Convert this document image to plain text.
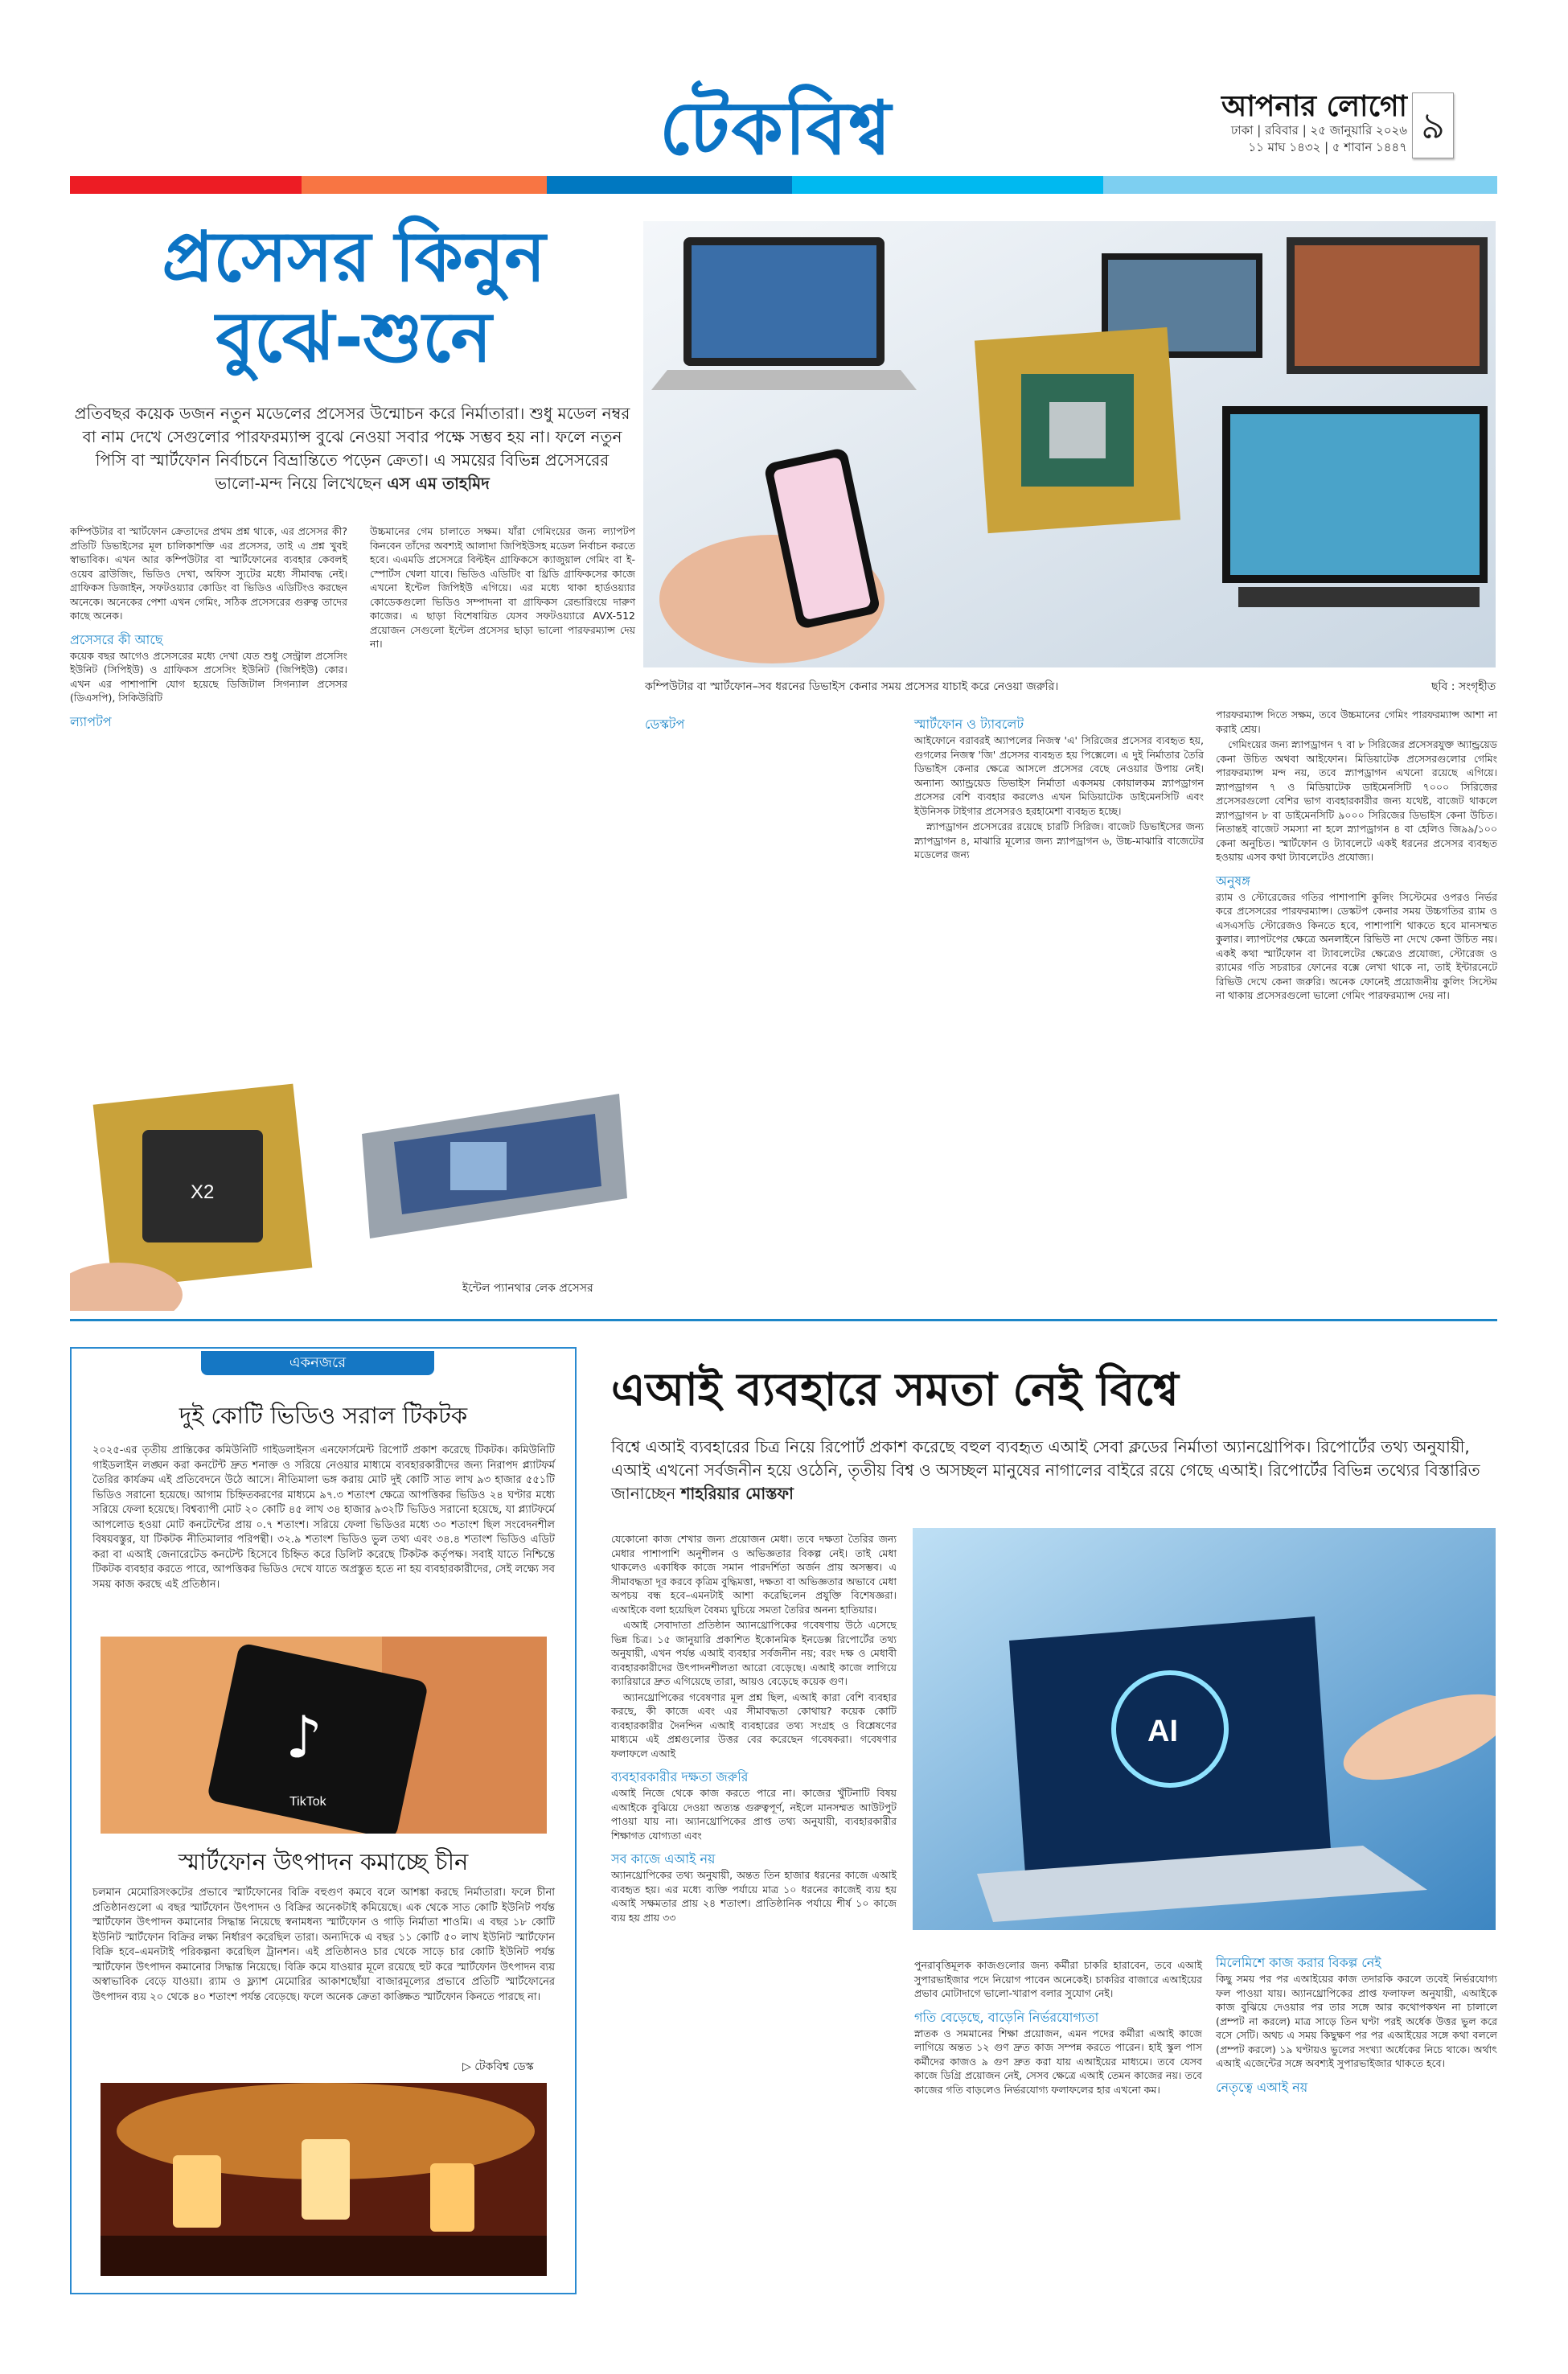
টেকবিশ্ব	আপনার লোগো
ঢাকা | রবিবার | ২৫ জানুয়ারি ২০২৬
১১ মাঘ ১৪৩২ | ৫ শাবান ১৪৪৭ ৯
প্রসেসর কিনুন
বুঝে-শুনে
প্রতিবছর কয়েক ডজন নতুন মডেলের প্রসেসর উন্মোচন করে নির্মাতারা। শুধু মডেল নম্বর বা নাম দেখে সেগুলোর পারফরম্যান্স বুঝে নেওয়া সবার পক্ষে সম্ভব হয় না। ফলে নতুন পিসি বা স্মার্টফোন নির্বাচনে বিভ্রান্তিতে পড়েন ক্রেতা। এ সময়ের বিভিন্ন প্রসেসরের ভালো-মন্দ নিয়ে লিখেছেন এস এম তাহমিদ

কম্পিউটার বা স্মার্টফোন ক্রেতাদের প্রথম প্রশ্ন থাকে, এর প্রসেসর কী? প্রতিটি ডিভাইসের মূল চালিকাশক্তি এর প্রসেসর, তাই এ প্রশ্ন খুবই স্বাভাবিক। এখন আর কম্পিউটার বা স্মার্টফোনের ব্যবহার কেবলই ওয়েব ব্রাউজিং, ভিডিও দেখা, অফিস স্যুটের মধ্যে সীমাবদ্ধ নেই। গ্রাফিকস ডিজাইন, সফটওয়্যার কোডিং বা ভিডিও এডিটিংও করছেন অনেকে। অনেকের পেশা এখন গেমিং, সঠিক প্রসেসরের গুরুত্ব তাদের কাছে অনেক।

প্রসেসরে কী আছে

কয়েক বছর আগেও প্রসেসরের মধ্যে দেখা যেত শুধু সেন্ট্রাল প্রসেসিং ইউনিট (সিপিইউ) ও গ্রাফিকস প্রসেসিং ইউনিট (জিপিইউ) কোর। এখন এর পাশাপাশি যোগ হয়েছে ডিজিটাল সিগন্যাল প্রসেসর (ডিএসপি), সিকিউরিটি

ল্যাপটপ
কম্পিউটার বা স্মার্টফোন–সব ধরনের ডিভাইস কেনার সময় প্রসেসর যাচাই করে নেওয়া জরুরি।	ছবি : সংগৃহীত

উচ্চমানের গেম চালাতে সক্ষম। যাঁরা গেমিংয়ের জন্য ল্যাপটপ কিনবেন তাঁদের অবশ্যই আলাদা জিপিইউসহ মডেল নির্বাচন করতে হবে। এএমডি প্রসেসরে বিল্টইন গ্রাফিকসে ক্যাজুয়াল গেমিং বা ই-স্পোর্টস খেলা যাবে। ভিডিও এডিটিং বা থ্রিডি গ্রাফিকসের কাজে এখনো ইন্টেল জিপিইউ এগিয়ে। এর মধ্যে থাকা হার্ডওয়্যার কোডেকগুলো ভিডিও সম্পাদনা বা গ্রাফিকস রেন্ডারিংয়ে দারুণ কাজের। এ ছাড়া বিশেষায়িত যেসব সফটওয়্যারে AVX-512 প্রয়োজন সেগুলো ইন্টেল প্রসেসর ছাড়া ভালো পারফরম্যান্স দেয় না।

ডেস্কটপ	স্মার্টফোন ও ট্যাবলেট

আইফোনে বরাবরই অ্যাপলের নিজস্ব 'এ' সিরিজের প্রসেসর ব্যবহৃত হয়, গুগলের নিজস্ব 'জি' প্রসেসর ব্যবহৃত হয় পিক্সেলে। এ দুই নির্মাতার তৈরি ডিভাইস কেনার ক্ষেত্রে আসলে প্রসেসর বেছে নেওয়ার উপায় নেই। অন্যান্য অ্যান্ড্রয়েড ডিভাইস নির্মাতা একসময় কোয়ালকম স্ন্যাপড্রাগন প্রসেসর বেশি ব্যবহার করলেও এখন মিডিয়াটেক ডাইমেনসিটি এবং ইউনিসক টাইগার প্রসেসরও হরহামেশা ব্যবহৃত হচ্ছে।

স্ন্যাপড্রাগন প্রসেসরের রয়েছে চারটি সিরিজ। বাজেট ডিভাইসের জন্য স্ন্যাপড্রাগন ৪, মাঝারি মূল্যের জন্য স্ন্যাপড্রাগন ৬, উচ্চ-মাঝারি বাজেটের মডেলের জন্য

পারফরম্যান্স দিতে সক্ষম, তবে উচ্চমানের গেমিং পারফরম্যান্স আশা না করাই শ্রেয়।

গেমিংয়ের জন্য স্ন্যাপড্রাগন ৭ বা ৮ সিরিজের প্রসেসরযুক্ত অ্যান্ড্রয়েড কেনা উচিত অথবা আইফোন। মিডিয়াটেক প্রসেসরগুলোর গেমিং পারফরম্যান্স মন্দ নয়, তবে স্ন্যাপড্রাগন এখনো রয়েছে এগিয়ে। স্ন্যাপড্রাগন ৭ ও মিডিয়াটেক ডাইমেনসিটি ৭০০০ সিরিজের প্রসেসরগুলো বেশির ভাগ ব্যবহারকারীর জন্য যথেষ্ট, বাজেট থাকলে স্ন্যাপড্রাগন ৮ বা ডাইমেনসিটি ৯০০০ সিরিজের ডিভাইস কেনা উচিত। নিতান্তই বাজেট সমস্যা না হলে স্ন্যাপড্রাগন ৪ বা হেলিও জি৯৯/১০০ কেনা অনুচিত। স্মার্টফোন ও ট্যাবলেটে একই ধরনের প্রসেসর ব্যবহৃত হওয়ায় এসব কথা ট্যাবলেটেও প্রযোজ্য।

অনুষঙ্গ

র‍্যাম ও স্টোরেজের গতির পাশাপাশি কুলিং সিস্টেমের ওপরও নির্ভর করে প্রসেসরের পারফরম্যান্স। ডেস্কটপ কেনার সময় উচ্চগতির র‍্যাম ও এসএসডি স্টোরেজও কিনতে হবে, পাশাপাশি থাকতে হবে মানসম্মত কুলার। ল্যাপটপের ক্ষেত্রে অনলাইনে রিভিউ না দেখে কেনা উচিত নয়। একই কথা স্মার্টফোন বা ট্যাবলেটের ক্ষেত্রেও প্রযোজ্য, স্টোরেজ ও র‍্যামের গতি সচরাচর ফোনের বক্সে লেখা থাকে না, তাই ইন্টারনেটে রিভিউ দেখে কেনা জরুরি। অনেক ফোনেই প্রয়োজনীয় কুলিং সিস্টেম না থাকায় প্রসেসরগুলো ভালো গেমিং পারফরম্যান্স দেয় না।

X2
ইন্টেল প্যানথার লেক প্রসেসর
একনজরে
দুই কোটি ভিডিও সরাল টিকটক
২০২৫-এর তৃতীয় প্রান্তিকের কমিউনিটি গাইডলাইনস এনফোর্সমেন্ট রিপোর্ট প্রকাশ করেছে টিকটক। কমিউনিটি গাইডলাইন লঙ্ঘন করা কনটেন্ট দ্রুত শনাক্ত ও সরিয়ে নেওয়ার মাধ্যমে ব্যবহারকারীদের জন্য নিরাপদ প্ল্যাটফর্ম তৈরির কার্যক্রম এই প্রতিবেদনে উঠে আসে। নীতিমালা ভঙ্গ করায় মোট দুই কোটি সাত লাখ ৯৩ হাজার ৫৫১টি ভিডিও সরানো হয়েছে। আগাম চিহ্নিতকরণের মাধ্যমে ৯৭.৩ শতাংশ ক্ষেত্রে আপত্তিকর ভিডিও ২৪ ঘণ্টার মধ্যে সরিয়ে ফেলা হয়েছে। বিশ্বব্যাপী মোট ২০ কোটি ৪৫ লাখ ৩৪ হাজার ৯৩২টি ভিডিও সরানো হয়েছে, যা প্ল্যাটফর্মে আপলোড হওয়া মোট কনটেন্টের প্রায় ০.৭ শতাংশ। সরিয়ে ফেলা ভিডিওর মধ্যে ৩০ শতাংশ ছিল সংবেদনশীল বিষয়বস্তুর, যা টিকটক নীতিমালার পরিপন্থী। ৩২.৯ শতাংশ ভিডিও ভুল তথ্য এবং ৩৪.৪ শতাংশ ভিডিও এডিট করা বা এআই জেনারেটেড কনটেন্ট হিসেবে চিহ্নিত করে ডিলিট করেছে টিকটক কর্তৃপক্ষ। সবাই যাতে নিশ্চিন্তে টিকটক ব্যবহার করতে পারে, আপত্তিকর ভিডিও দেখে যাতে অপ্রস্তুত হতে না হয় ব্যবহারকারীদের, সেই লক্ষ্যে সব সময় কাজ করছে এই প্রতিষ্ঠান।
♪
TikTok
স্মার্টফোন উৎপাদন কমাচ্ছে চীন
চলমান মেমোরিসংকটের প্রভাবে স্মার্টফোনের বিক্রি বহুগুণ কমবে বলে আশঙ্কা করছে নির্মাতারা। ফলে চীনা প্রতিষ্ঠানগুলো এ বছর স্মার্টফোন উৎপাদন ও বিক্রির অনেকটাই কমিয়েছে। এক থেকে সাত কোটি ইউনিট পর্যন্ত স্মার্টফোন উৎপাদন কমানোর সিদ্ধান্ত নিয়েছে স্বনামধন্য স্মার্টফোন ও গাড়ি নির্মাতা শাওমি। এ বছর ১৮ কোটি ইউনিট স্মার্টফোন বিক্রির লক্ষ্য নির্ধারণ করেছিল তারা। অন্যদিকে এ বছর ১১ কোটি ৫০ লাখ ইউনিট স্মার্টফোন বিক্রি হবে–এমনটাই পরিকল্পনা করেছিল ট্রানশন। এই প্রতিষ্ঠানও চার থেকে সাড়ে চার কোটি ইউনিট পর্যন্ত স্মার্টফোন উৎপাদন কমানোর সিদ্ধান্ত নিয়েছে। বিক্রি কমে যাওয়ার মূলে রয়েছে হুট করে স্মার্টফোন উৎপাদন ব্যয় অস্বাভাবিক বেড়ে যাওয়া। র‍্যাম ও ফ্ল্যাশ মেমোরির আকাশছোঁয়া বাজারমূল্যের প্রভাবে প্রতিটি স্মার্টফোনের উৎপাদন ব্যয় ২০ থেকে ৪০ শতাংশ পর্যন্ত বেড়েছে। ফলে অনেক ক্রেতা কাঙ্ক্ষিত স্মার্টফোন কিনতে পারছে না।
▷ টেকবিশ্ব ডেস্ক
এআই ব্যবহারে সমতা নেই বিশ্বে
বিশ্বে এআই ব্যবহারের চিত্র নিয়ে রিপোর্ট প্রকাশ করেছে বহুল ব্যবহৃত এআই সেবা ক্লডের নির্মাতা অ্যানথ্রোপিক। রিপোর্টের তথ্য অনুযায়ী, এআই এখনো সর্বজনীন হয়ে ওঠেনি, তৃতীয় বিশ্ব ও অসচ্ছল মানুষের নাগালের বাইরে রয়ে গেছে এআই। রিপোর্টের বিভিন্ন তথ্যের বিস্তারিত জানাচ্ছেন শাহরিয়ার মোস্তফা

যেকোনো কাজ শেখার জন্য প্রয়োজন মেধা। তবে দক্ষতা তৈরির জন্য মেধার পাশাপাশি অনুশীলন ও অভিজ্ঞতার বিকল্প নেই। তাই মেধা থাকলেও একাধিক কাজে সমান পারদর্শিতা অর্জন প্রায় অসম্ভব। এ সীমাবদ্ধতা দূর করবে কৃত্রিম বুদ্ধিমত্তা, দক্ষতা বা অভিজ্ঞতার অভাবে মেধা অপচয় বন্ধ হবে–এমনটাই আশা করেছিলেন প্রযুক্তি বিশেষজ্ঞরা। এআইকে বলা হয়েছিল বৈষম্য ঘুচিয়ে সমতা তৈরির অনন্য হাতিয়ার।

এআই সেবাদাতা প্রতিষ্ঠান অ্যানথ্রোপিকের গবেষণায় উঠে এসেছে ভিন্ন চিত্র। ১৫ জানুয়ারি প্রকাশিত ইকোনমিক ইনডেক্স রিপোর্টের তথ্য অনুযায়ী, এখন পর্যন্ত এআই ব্যবহার সর্বজনীন নয়; বরং দক্ষ ও মেধাবী ব্যবহারকারীদের উৎপাদনশীলতা আরো বেড়েছে। এআই কাজে লাগিয়ে ক্যারিয়ারে দ্রুত এগিয়েছে তারা, আয়ও বেড়েছে কয়েক গুণ।

অ্যানথ্রোপিকের গবেষণার মূল প্রশ্ন ছিল, এআই কারা বেশি ব্যবহার করছে, কী কাজে এবং এর সীমাবদ্ধতা কোথায়? কয়েক কোটি ব্যবহারকারীর দৈনন্দিন এআই ব্যবহারের তথ্য সংগ্রহ ও বিশ্লেষণের মাধ্যমে এই প্রশ্নগুলোর উত্তর বের করেছেন গবেষকরা। গবেষণার ফলাফলে এআই

ব্যবহারকারীর দক্ষতা জরুরি

এআই নিজে থেকে কাজ করতে পারে না। কাজের খুঁটিনাটি বিষয় এআইকে বুঝিয়ে দেওয়া অত্যন্ত গুরুত্বপূর্ণ, নইলে মানসম্মত আউটপুট পাওয়া যায় না। অ্যানথ্রোপিকের প্রাপ্ত তথ্য অনুযায়ী, ব্যবহারকারীর শিক্ষাগত যোগ্যতা এবং

সব কাজে এআই নয়

অ্যানথ্রোপিকের তথ্য অনুযায়ী, অন্তত তিন হাজার ধরনের কাজে এআই ব্যবহৃত হয়। এর মধ্যে ব্যক্তি পর্যায়ে মাত্র ১০ ধরনের কাজেই ব্যয় হয় এআই সক্ষমতার প্রায় ২৪ শতাংশ। প্রাতিষ্ঠানিক পর্যায়ে শীর্ষ ১০ কাজে ব্যয় হয় প্রায় ৩৩

AI

পুনরাবৃত্তিমূলক কাজগুলোর জন্য কর্মীরা চাকরি হারাবেন, তবে এআই সুপারভাইজার পদে নিয়োগ পাবেন অনেকেই। চাকরির বাজারে এআইয়ের প্রভাব মোটাদাগে ভালো-খারাপ বলার সুযোগ নেই।

গতি বেড়েছে, বাড়েনি নির্ভরযোগ্যতা

স্নাতক ও সমমানের শিক্ষা প্রয়োজন, এমন পদের কর্মীরা এআই কাজে লাগিয়ে অন্তত ১২ গুণ দ্রুত কাজ সম্পন্ন করতে পারেন। হাই স্কুল পাস কর্মীদের কাজও ৯ গুণ দ্রুত করা যায় এআইয়ের মাধ্যমে। তবে যেসব কাজে ডিগ্রি প্রয়োজন নেই, সেসব ক্ষেত্রে এআই তেমন কাজের নয়। তবে কাজের গতি বাড়লেও নির্ভরযোগ্য ফলাফলের হার এখনো কম।

মিলেমিশে কাজ করার বিকল্প নেই

কিছু সময় পর পর এআইয়ের কাজ তদারকি করলে তবেই নির্ভরযোগ্য ফল পাওয়া যায়। অ্যানথ্রোপিকের প্রাপ্ত ফলাফল অনুযায়ী, এআইকে কাজ বুঝিয়ে দেওয়ার পর তার সঙ্গে আর কথোপকথন না চালালে (প্রম্পট না করলে) মাত্র সাড়ে তিন ঘণ্টা পরই অর্ধেক উত্তর ভুল করে বসে সেটি। অথচ এ সময় কিছুক্ষণ পর পর এআইয়ের সঙ্গে কথা বললে (প্রম্পট করলে) ১৯ ঘণ্টায়ও ভুলের সংখ্যা অর্ধেকের নিচে থাকে। অর্থাৎ এআই এজেন্টের সঙ্গে অবশ্যই সুপারভাইজার থাকতে হবে।

নেতৃত্বে এআই নয়
